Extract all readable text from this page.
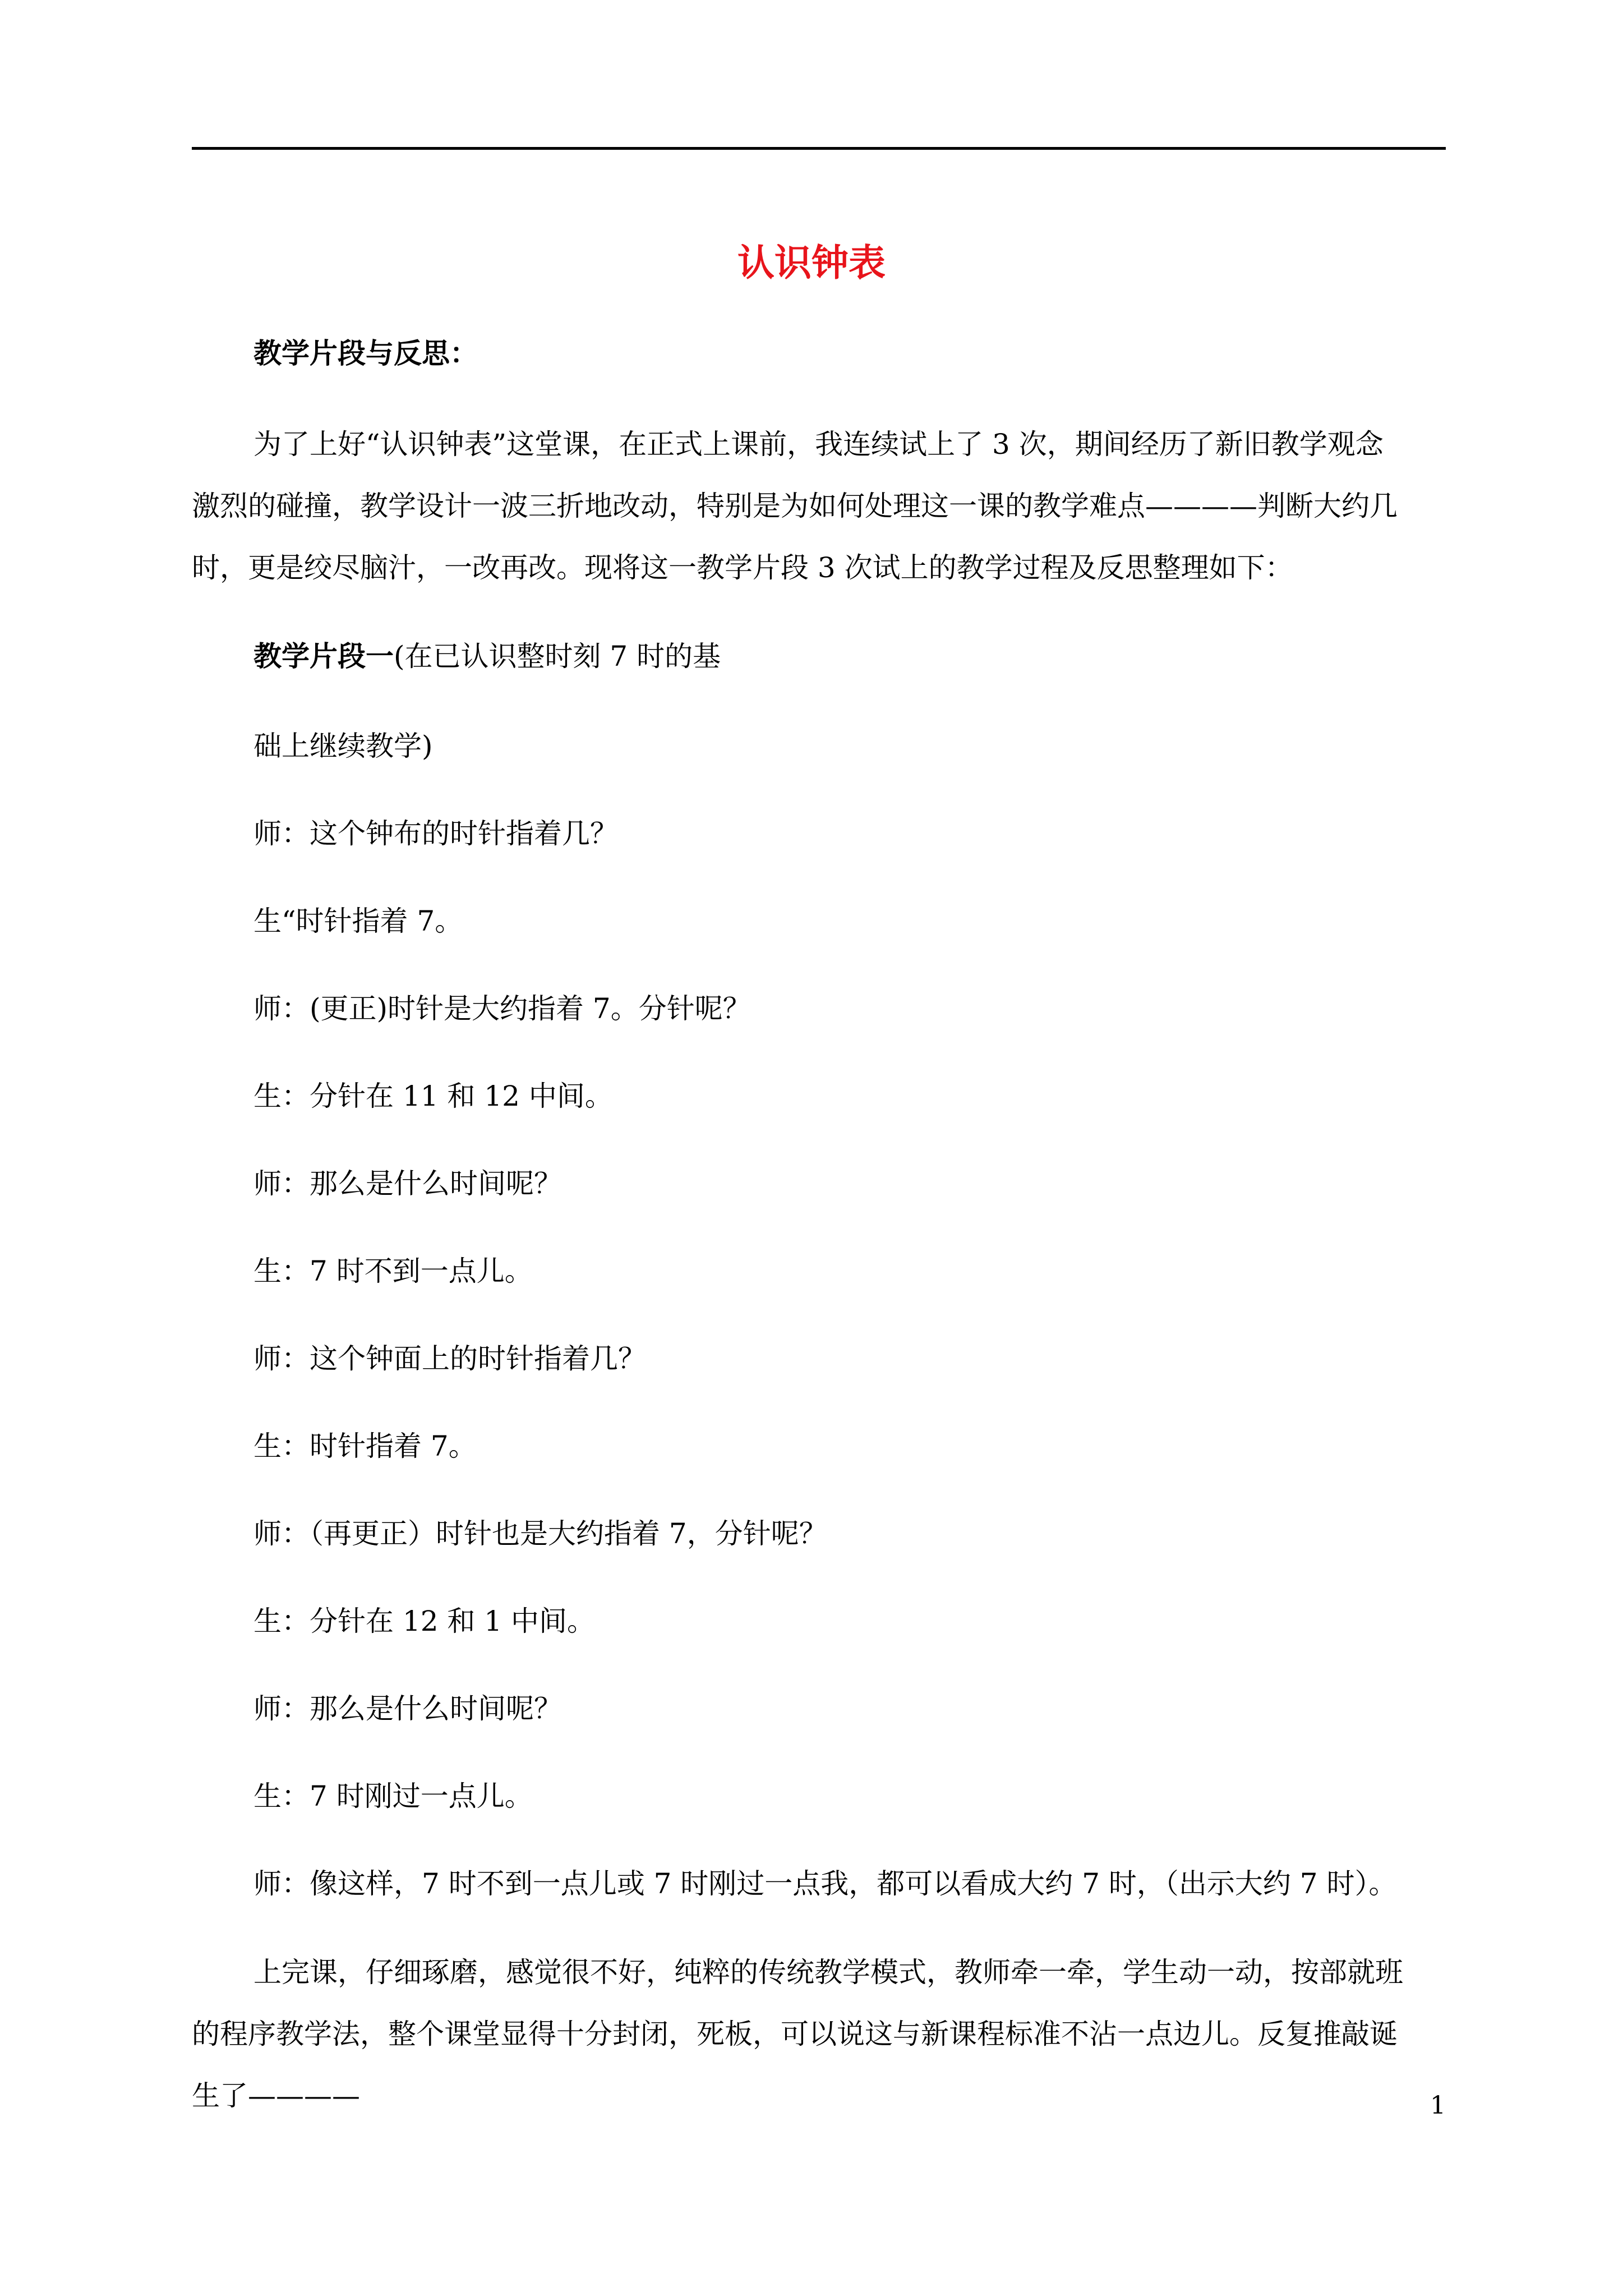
认识钟表

教学片段与反思：

为了上好“认识钟表”这堂课，在正式上课前，我连续试上了 3 次，期间经历了新旧教学观念

激烈的碰撞，教学设计一波三折地改动，特别是为如何处理这一课的教学难点————判断大约几

时，更是绞尽脑汁，一改再改。现将这一教学片段 3 次试上的教学过程及反思整理如下：

教学片段一(在已认识整时刻 7 时的基

础上继续教学)

师：这个钟布的时针指着几？

生“时针指着 7。

师：(更正)时针是大约指着 7。分针呢？

生：分针在 11 和 12 中间。

师：那么是什么时间呢？

生：7 时不到一点儿。

师：这个钟面上的时针指着几？

生：时针指着 7。

师：（再更正）时针也是大约指着 7，分针呢？

生：分针在 12 和 1 中间。

师：那么是什么时间呢？

生：7 时刚过一点儿。

师：像这样，7 时不到一点儿或 7 时刚过一点我，都可以看成大约 7 时，（出示大约 7 时）。

上完课，仔细琢磨，感觉很不好，纯粹的传统教学模式，教师牵一牵，学生动一动，按部就班

的程序教学法，整个课堂显得十分封闭，死板，可以说这与新课程标准不沾一点边儿。反复推敲诞

生了————	1
